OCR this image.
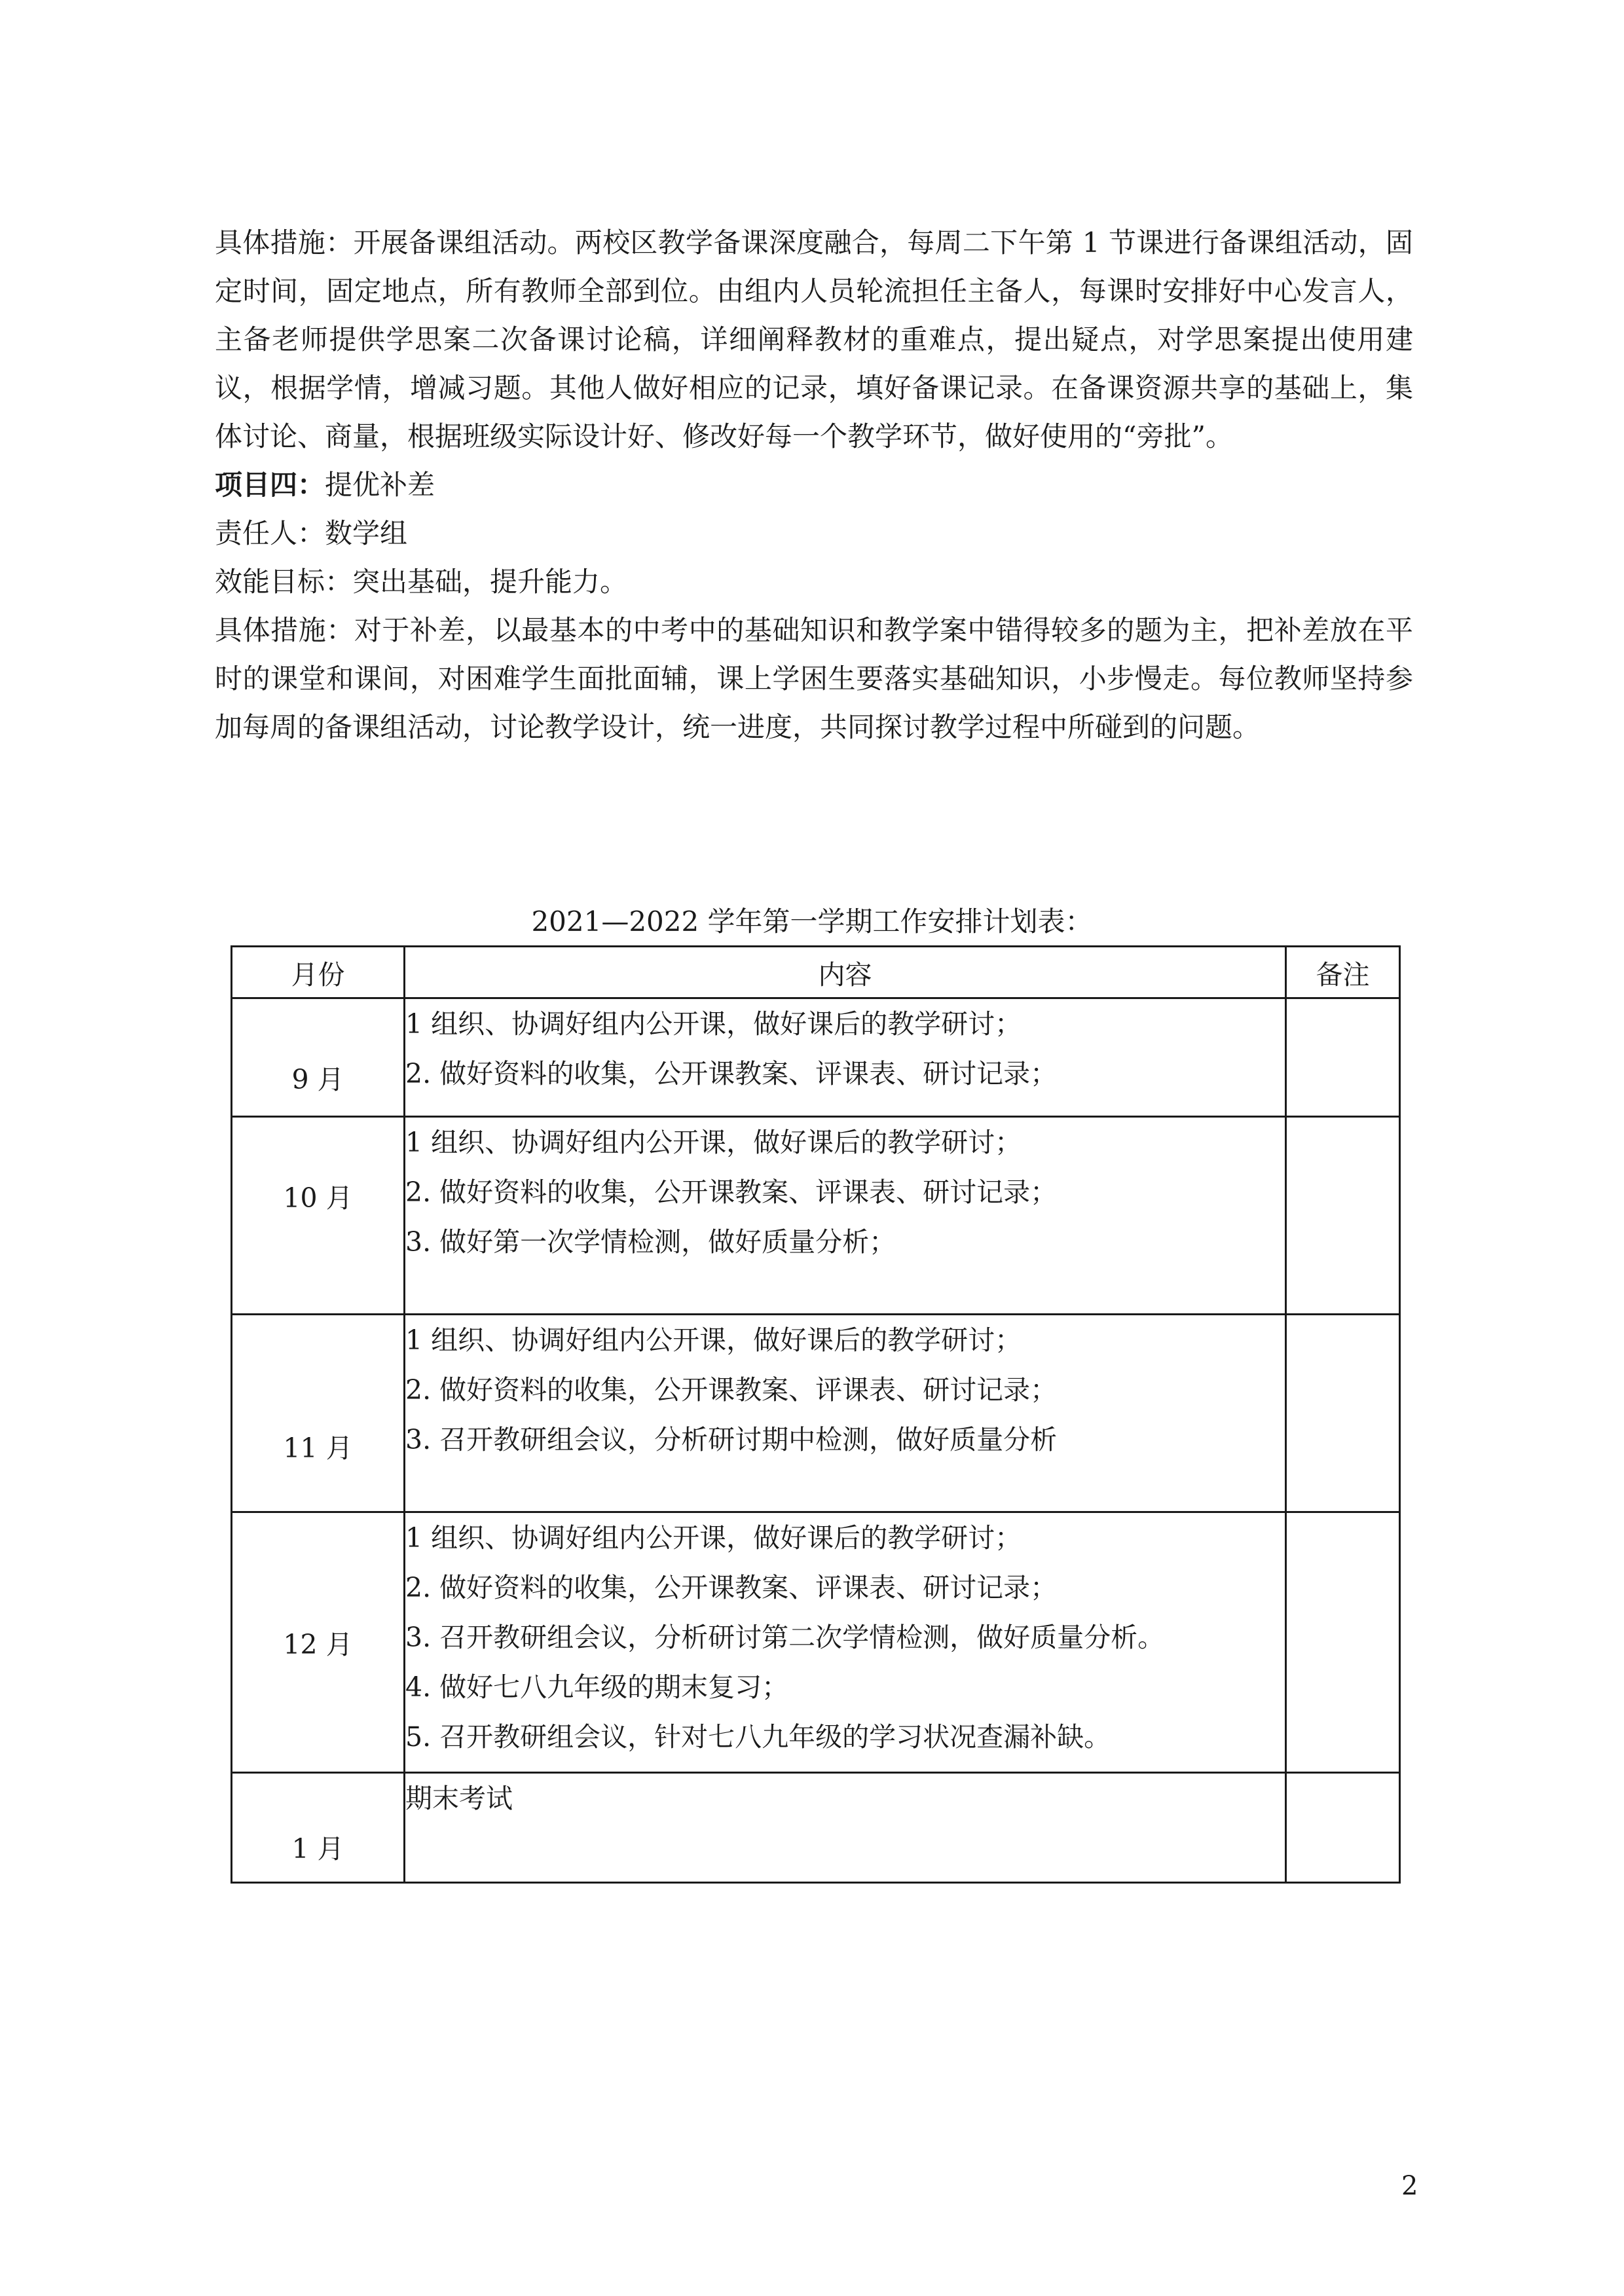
具体措施：开展备课组活动。两校区教学备课深度融合，每周二下午第 1 节课进行备课组活动，固定时间，固定地点，所有教师全部到位。由组内人员轮流担任主备人，每课时安排好中心发言人，主备老师提供学思案二次备课讨论稿，详细阐释教材的重难点，提出疑点，对学思案提出使用建议，根据学情，增减习题。其他人做好相应的记录，填好备课记录。在备课资源共享的基础上，集体讨论、商量，根据班级实际设计好、修改好每一个教学环节，做好使用的“旁批”。

项目四：提优补差

责任人：数学组

效能目标：突出基础，提升能力。

具体措施：对于补差，以最基本的中考中的基础知识和教学案中错得较多的题为主，把补差放在平时的课堂和课间，对困难学生面批面辅，课上学困生要落实基础知识，小步慢走。每位教师坚持参加每周的备课组活动，讨论教学设计，统一进度，共同探讨教学过程中所碰到的问题。

2021—2022 学年第一学期工作安排计划表：
月份	内容	备注
9 月	1 组织、协调好组内公开课，做好课后的教学研讨；
2. 做好资料的收集，公开课教案、评课表、研讨记录；	

10 月	1 组织、协调好组内公开课，做好课后的教学研讨；
2. 做好资料的收集，公开课教案、评课表、研讨记录；
3. 做好第一次学情检测，做好质量分析；	

11 月	1 组织、协调好组内公开课，做好课后的教学研讨；
2. 做好资料的收集，公开课教案、评课表、研讨记录；
3. 召开教研组会议，分析研讨期中检测，做好质量分析	

12 月	1 组织、协调好组内公开课，做好课后的教学研讨；
2. 做好资料的收集，公开课教案、评课表、研讨记录；
3. 召开教研组会议，分析研讨第二次学情检测，做好质量分析。
4. 做好七八九年级的期末复习；
5. 召开教研组会议，针对七八九年级的学习状况查漏补缺。	

1 月	期末考试	

2
